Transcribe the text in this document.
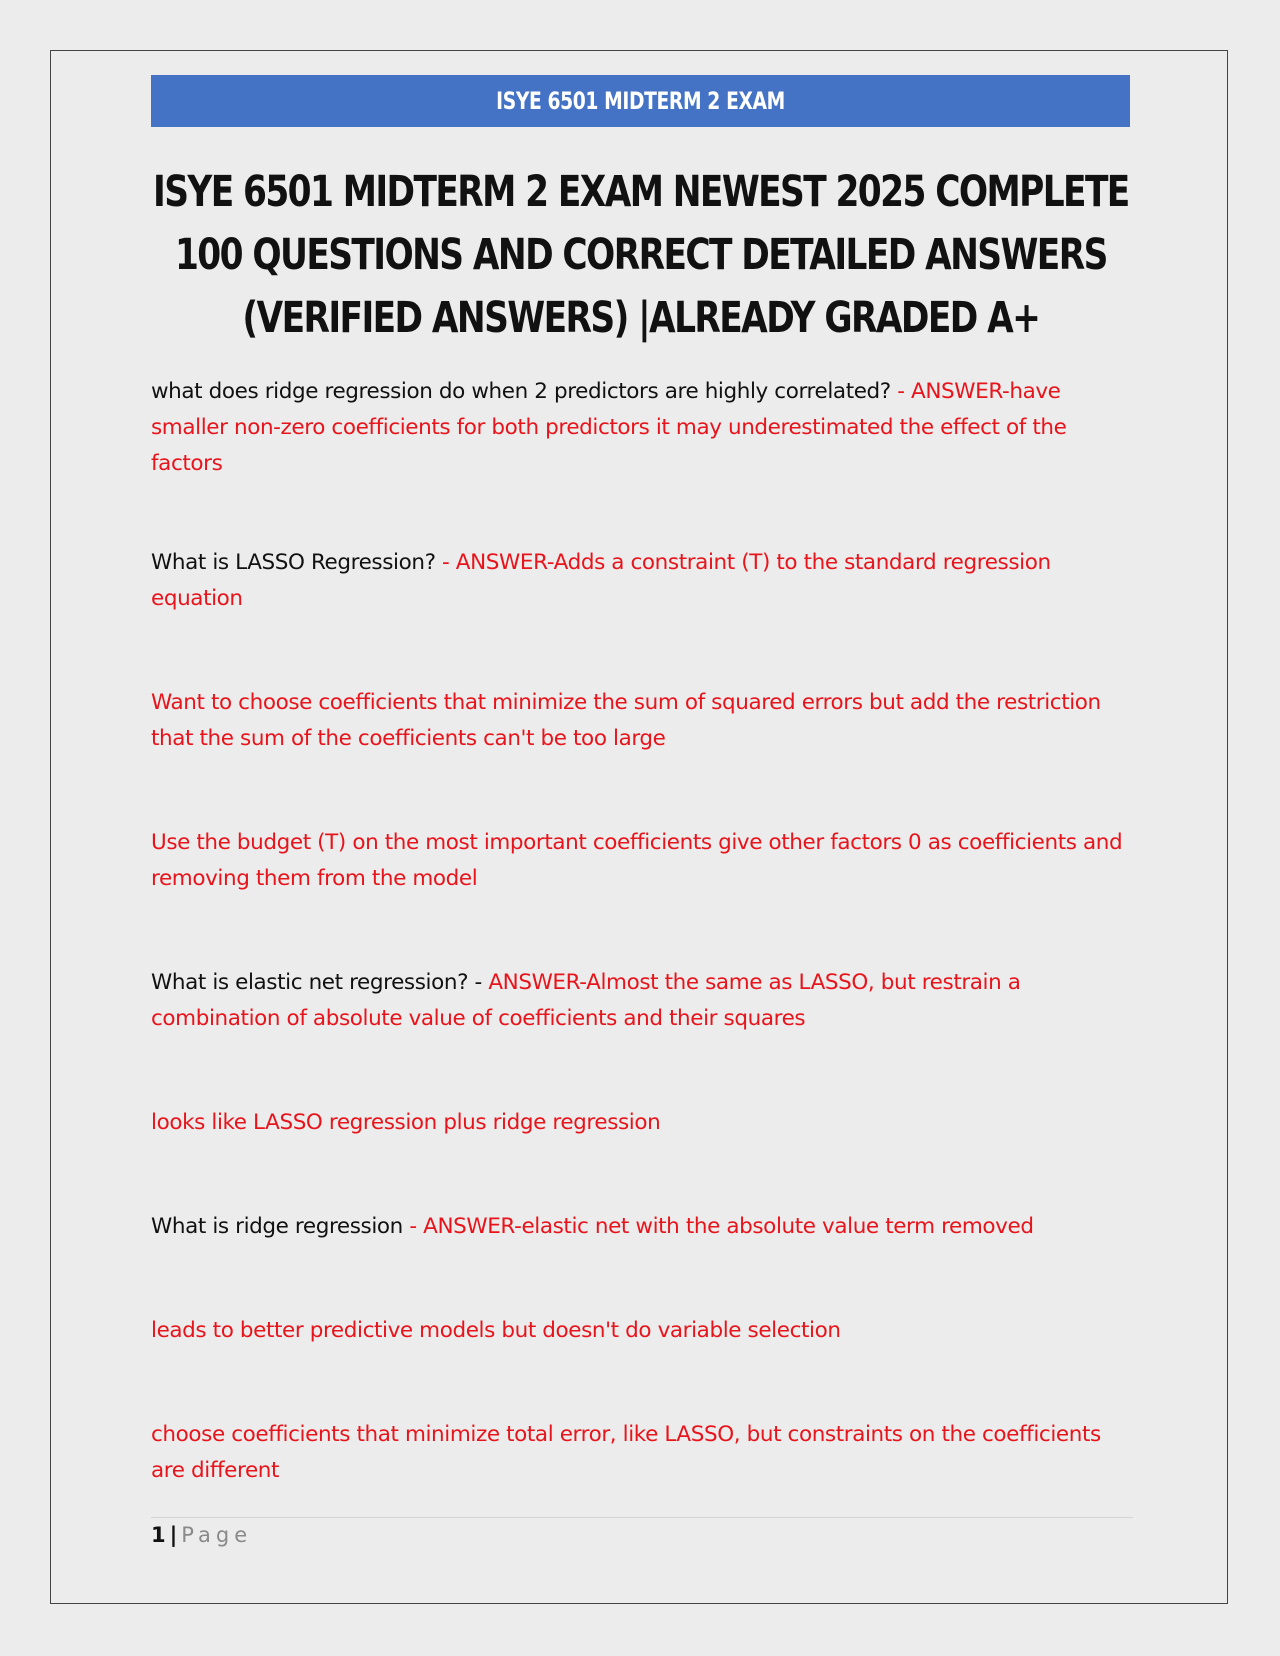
ISYE 6501 MIDTERM 2 EXAM
ISYE 6501 MIDTERM 2 EXAM NEWEST 2025 COMPLETE 100 QUESTIONS AND CORRECT DETAILED ANSWERS (VERIFIED ANSWERS) |ALREADY GRADED A+
what does ridge regression do when 2 predictors are highly correlated? - ANSWER-have smaller non-zero coefficients for both predictors it may underestimated the effect of the factors
What is LASSO Regression? - ANSWER-Adds a constraint (T) to the standard regression equation
Want to choose coefficients that minimize the sum of squared errors but add the restriction that the sum of the coefficients can't be too large
Use the budget (T) on the most important coefficients give other factors 0 as coefficients and removing them from the model
What is elastic net regression? - ANSWER-Almost the same as LASSO, but restrain a combination of absolute value of coefficients and their squares
looks like LASSO regression plus ridge regression
What is ridge regression - ANSWER-elastic net with the absolute value term removed
leads to better predictive models but doesn't do variable selection
choose coefficients that minimize total error, like LASSO, but constraints on the coefficients are different
1 | Page
